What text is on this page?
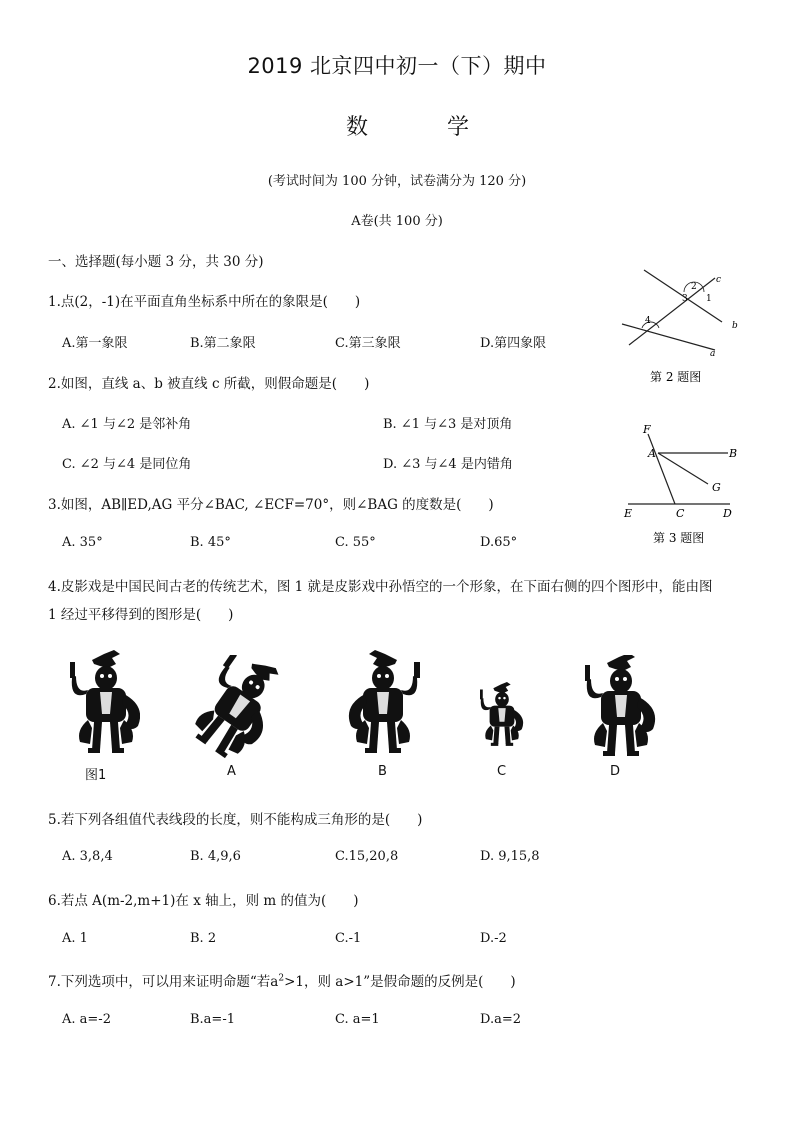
2019 北京四中初一（下）期中
数 学
(考试时间为 100 分钟，试卷满分为 120 分)
A卷(共 100 分)
一、选择题(每小题 3 分，共 30 分)
1.点(2，-1)在平面直角坐标系中所在的象限是(　　)
A.第一象限	B.第二象限	C.第三象限	D.第四象限
2.如图，直线 a、b 被直线 c 所截，则假命题是(　　)
A. ∠1 与∠2 是邻补角	B. ∠1 与∠3 是对顶角
C. ∠2 与∠4 是同位角	D. ∠3 与∠4 是内错角
3.如图，AB∥ED,AG 平分∠BAC, ∠ECF=70°，则∠BAG 的度数是(　　)
A. 35°	B. 45°	C. 55°	D.65°
c
2
3 1
b
4
a
第 2 题图
F
A	B
G
E	C	D
第 3 题图
4.皮影戏是中国民间古老的传统艺术，图 1 就是皮影戏中孙悟空的一个形象，在下面右侧的四个图形中，能由图
1 经过平移得到的图形是(　　)
图1	A	B	C	D
5.若下列各组值代表线段的长度，则不能构成三角形的是(　　)
A. 3,8,4	B. 4,9,6	C.15,20,8	D. 9,15,8
6.若点 A(m-2,m+1)在 x 轴上，则 m 的值为(　　)
A. 1	B. 2	C.-1	D.-2
7.下列选项中，可以用来证明命题“若$a^2>1$，则 a>1”是假命题的反例是(　　)
A. a=-2	B.a=-1	C. a=1	D.a=2
